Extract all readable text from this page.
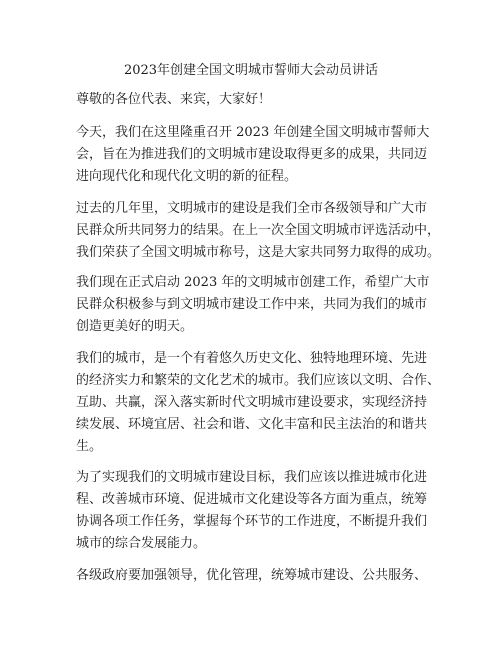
2023年创建全国文明城市誓师大会动员讲话
尊敬的各位代表、来宾，大家好！
今天，我们在这里隆重召开 2023 年创建全国文明城市誓师大
会，旨在为推进我们的文明城市建设取得更多的成果，共同迈
进向现代化和现代化文明的新的征程。
过去的几年里，文明城市的建设是我们全市各级领导和广大市
民群众所共同努力的结果。在上一次全国文明城市评选活动中，
我们荣获了全国文明城市称号，这是大家共同努力取得的成功。
我们现在正式启动 2023 年的文明城市创建工作，希望广大市
民群众积极参与到文明城市建设工作中来，共同为我们的城市
创造更美好的明天。
我们的城市，是一个有着悠久历史文化、独特地理环境、先进
的经济实力和繁荣的文化艺术的城市。我们应该以文明、合作、
互助、共赢，深入落实新时代文明城市建设要求，实现经济持
续发展、环境宜居、社会和谐、文化丰富和民主法治的和谐共
生。
为了实现我们的文明城市建设目标，我们应该以推进城市化进
程、改善城市环境、促进城市文化建设等各方面为重点，统筹
协调各项工作任务，掌握每个环节的工作进度，不断提升我们
城市的综合发展能力。
各级政府要加强领导，优化管理，统筹城市建设、公共服务、
